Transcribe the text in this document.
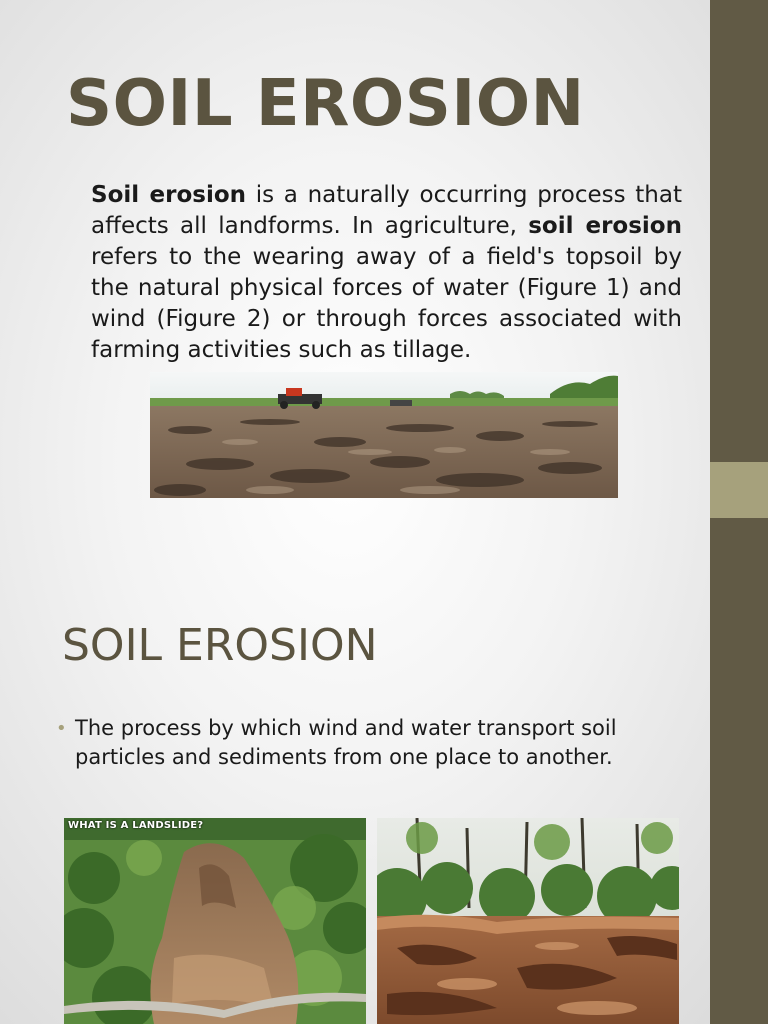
SOIL EROSION

Soil erosion is a naturally occurring process that affects all landforms. In agriculture, soil erosion refers to the wearing away of a field's topsoil by the natural physical forces of water (Figure 1) and wind (Figure 2) or through forces associated with farming activities such as tillage.

SOIL EROSION
• The process by which wind and water transport soil particles and sediments from one place to another.
WHAT IS A LANDSLIDE?
